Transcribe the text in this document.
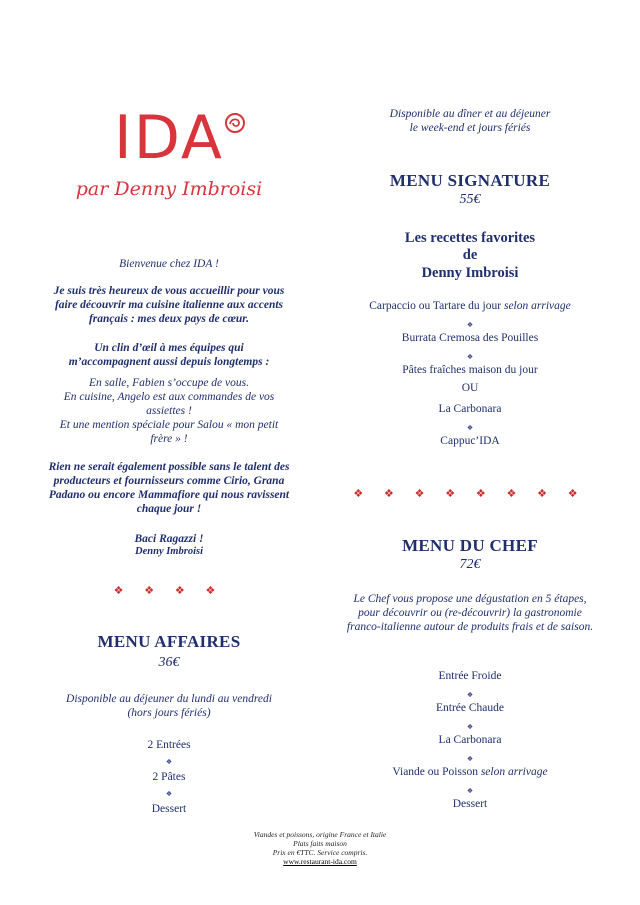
IDA
par Denny Imbroisi
Bienvenue chez IDA !
Je suis très heureux de vous accueillir pour vous faire découvrir ma cuisine italienne aux accents français : mes deux pays de cœur.
Un clin d’œil à mes équipes qui m’accompagnent aussi depuis longtemps :
En salle, Fabien s’occupe de vous.
En cuisine, Angelo est aux commandes de vos assiettes !
Et une mention spéciale pour Salou « mon petit frère » !
Rien ne serait également possible sans le talent des producteurs et fournisseurs comme Cirio, Grana Padano ou encore Mammafiore qui nous ravissent chaque jour !
Baci Ragazzi !
Denny Imbroisi
❖ ❖ ❖ ❖
MENU AFFAIRES
36€
Disponible au déjeuner du lundi au vendredi
(hors jours fériés)
2 Entrées
❖
2 Pâtes
❖
Dessert
Disponible au dîner et au déjeuner
le week-end et jours fériés
MENU SIGNATURE
55€
Les recettes favorites
de
Denny Imbroisi
Carpaccio ou Tartare du jour selon arrivage
❖
Burrata Cremosa des Pouilles
❖
Pâtes fraîches maison du jour
OU
La Carbonara
❖
Cappuc’IDA
❖ ❖ ❖ ❖ ❖ ❖ ❖ ❖
MENU DU CHEF
72€
Le Chef vous propose une dégustation en 5 étapes, pour découvrir ou (re-découvrir) la gastronomie franco-italienne autour de produits frais et de saison.
Entrée Froide
❖
Entrée Chaude
❖
La Carbonara
❖
Viande ou Poisson selon arrivage
❖
Dessert
Viandes et poissons, origine France et Italie
Plats faits maison
Prix en €TTC. Service compris.
www.restaurant-ida.com
